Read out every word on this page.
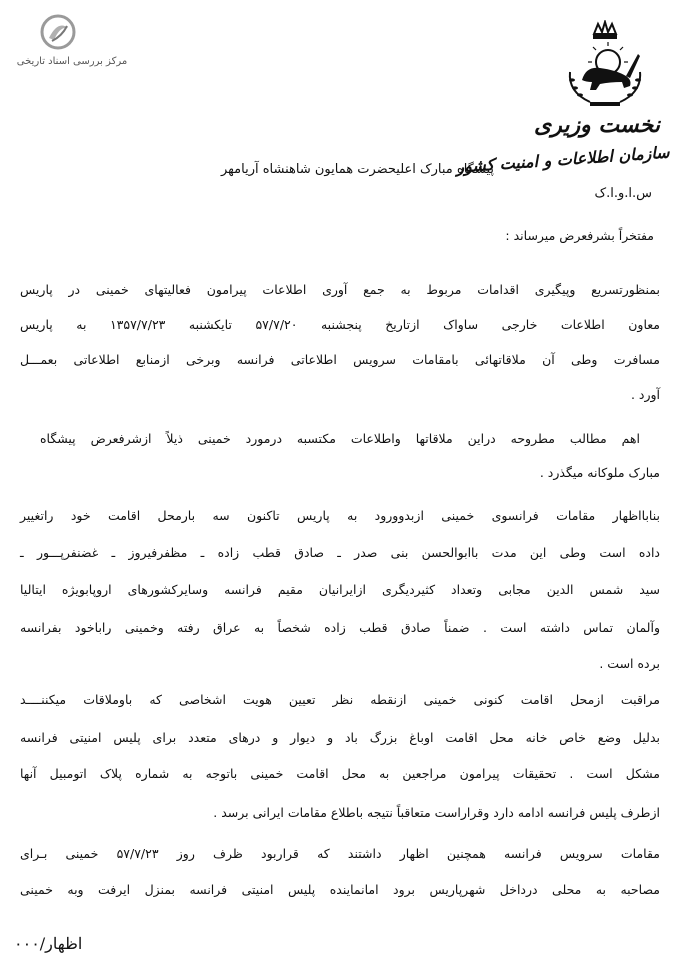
مرکز بررسی اسناد تاریخی
نخست وزیری
سازمان اطلاعات و امنیت کشور
س.ا.و.ا.ک
پیشگاه مبارک اعلیحضرت همایون شاهنشاه آریامهر
مفتخراً بشرفعرض میرساند :
بمنظورتسریع وپیگیری اقدامات مربوط به جمع آوری اطلاعات پیرامون فعالیتهای خمینی در پاریس
معاون اطلاعات خارجی ساواک ازتاریخ پنجشنبه ۵۷/۷/۲۰ تایکشنبه ۱۳۵۷/۷/۲۳ به پاریس
مسافرت وطی آن ملاقاتهائی بامقامات سرویس اطلاعاتی فرانسه وبرخی ازمنابع اطلاعاتی بعمـــل
آورد .
اهم مطالب مطروحه دراین ملاقاتها واطلاعات مکتسبه درمورد خمینی ذیلاً ازشرفعرض پیشگاه
مبارک ملوکانه میگذرد .
بنابااظهار مقامات فرانسوی خمینی ازبدوورود به پاریس تاکنون سه بارمحل اقامت خود راتغییر
داده است وطی این مدت باابوالحسن بنی صدر ـ صادق قطب زاده ـ مظفرفیروز ـ غضنفرپـــور ـ
سید شمس الدین مجابی وتعداد کثیردیگری ازایرانیان مقیم فرانسه وسایرکشورهای اروپابویژه ایتالیا
وآلمان تماس داشته است . ضمناً صادق قطب زاده شخصاً به عراق رفته وخمینی راباخود بفرانسه
برده است .
مراقبت ازمحل اقامت کنونی خمینی ازنقطه نظر تعیین هویت اشخاصی که باوملاقات میکننــــد
بدلیل وضع خاص خانه محل اقامت اوباغ بزرگ باد و دیوار و درهای متعدد برای پلیس امنیتی فرانسه
مشکل است . تحقیقات پیرامون مراجعین به محل اقامت خمینی باتوجه به شماره پلاک اتومبیل آنها
ازطرف پلیس فرانسه ادامه دارد وقراراست متعاقباً نتیجه باطلاع مقامات ایرانی برسد .
مقامات سرویس فرانسه همچنین اظهار داشتند که قراربود ظرف روز ۵۷/۷/۲۳ خمینی بـرای
مصاحبه به محلی درداخل شهرپاریس برود امانماینده پلیس امنیتی فرانسه بمنزل ایرفت وبه خمینی
اظهار/۰۰۰
